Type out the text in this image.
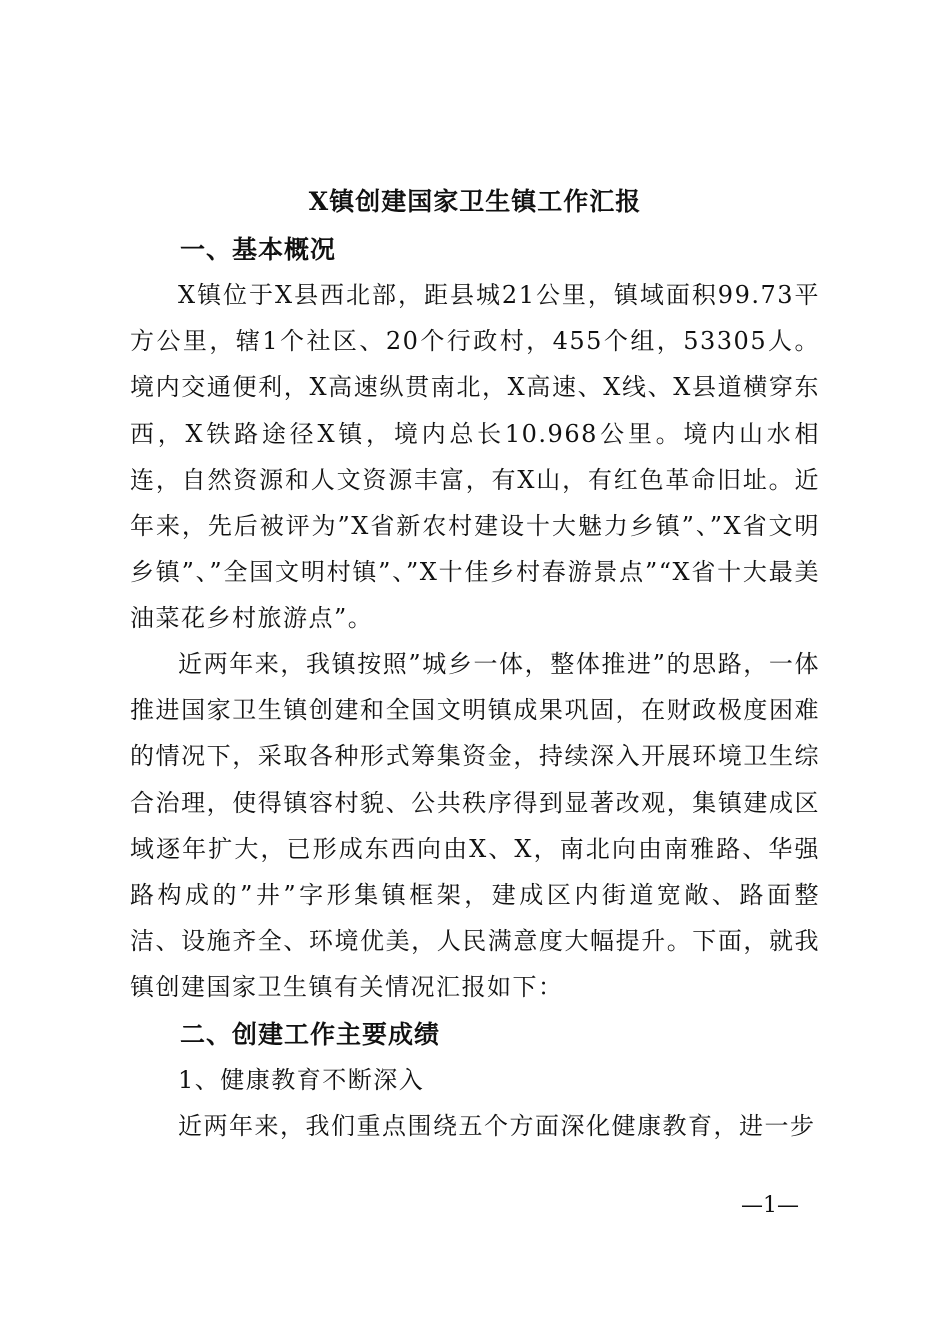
X镇创建国家卫生镇工作汇报
一、基本概况
X镇位于X县西北部，距县城21公里，镇域面积99.73平方公里，辖1个社区、20个行政村，455个组，53305人。境内交通便利，X高速纵贯南北，X高速、X线、X县道横穿东西，X铁路途径X镇，境内总长10.968公里。境内山水相连，自然资源和人文资源丰富，有X山，有红色革命旧址。近年来，先后被评为”X省新农村建设十大魅力乡镇”、”X省文明乡镇”、”全国文明村镇”、”X十佳乡村春游景点”“X省十大最美油菜花乡村旅游点”。
近两年来，我镇按照”城乡一体，整体推进”的思路，一体推进国家卫生镇创建和全国文明镇成果巩固，在财政极度困难的情况下，采取各种形式筹集资金，持续深入开展环境卫生综合治理，使得镇容村貌、公共秩序得到显著改观，集镇建成区域逐年扩大，已形成东西向由X、X，南北向由南雅路、华强路构成的”井”字形集镇框架，建成区内街道宽敞、路面整洁、设施齐全、环境优美，人民满意度大幅提升。下面，就我镇创建国家卫生镇有关情况汇报如下：
二、创建工作主要成绩
1、健康教育不断深入
近两年来，我们重点围绕五个方面深化健康教育，进一步
—1—
